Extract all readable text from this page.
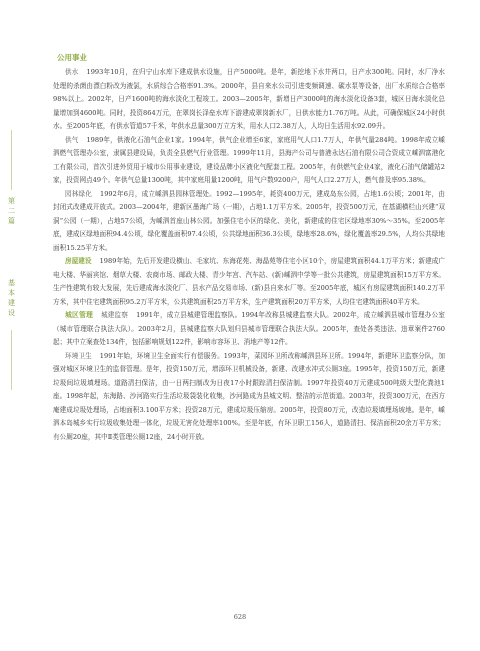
第
二
篇
基
本
建
设
公用事业

供水 1993年10月，在归宁山水库下建成供水设施，日产5000吨。是年，新挖地下水井两口，日产水300吨。同时，水厂净水处理的杀菌由漂白粉改为液氯，水质综合合格率91.3%。2000年，县自来水公司引进变频调速、碳水泵等设备，出厂水质综合合格率98%以上。2002年，日产1600吨的海水淡化工程竣工。2003—2005年，新增日产3000吨的海水淡化设备3套，城区日海水淡化总量增加到4600吨。同时，投资864万元，在翠岗长泽垒水库下游建成翠岗新水厂，日供水能力1.76万吨。从此，可确保城区24小时供水。至2005年底，有供水管道57千米，年供水总量300万立方米，用水人口2.38万人，人均日生活用水92.09升。

供气 1989年，供液化石油气企业1家。1994年，供气企业增至6家，家庭用气人口1.7万人，年供气量284吨。1998年成立嵊泗燃气管理办公室，隶属县建设局，负责全县燃气行业管理。1999年11月，县海产公司与普港永达石油有限公司合资成立嵊泗富港化工有限公司，首次引进外贸用于城市公用事业建设，建设品牌小区液化气配套工程。2005年，有供燃气企业4家，液化石油气储罐站2家，投资网点49个。年供气总量1300吨，其中家庭用量1200吨，用气户数9200户，用气人口2.27万人，燃气普及率95.38%。

园林绿化 1992年6月，成立嵊泗县园林管理处。1992—1995年，耗资400万元，建成岛东公园，占地1.6公顷；2001年，由封闭式改建成开放式。2003—2004年，建新区墨海广场（一期），占地1.1万平方米。2005年，投资500万元，在基湖横栏山兴建“双洞”公园（一期），占地57公顷，为嵊泗首座山林公园。加强住宅小区的绿化、美化，新建成的住宅区绿地率30%～35%。至2005年底，建成区绿地面积94.4公顷，绿化覆盖面积97.4公顷，公共绿地面积36.3公顷，绿地率28.6%，绿化覆盖率29.5%，人均公共绿地面积15.25平方米。

房屋建设 1989年始，先后开发建设横山、毛家坑、东海花苑、海晶苑等住宅小区10个，房屋建筑面积44.1万平方米；新建成广电大楼、华丽宾馆、烟草大楼、农商市场、邮政大楼、青少年宫、汽车站、(新)嵊泗中学等一批公共建筑，房屋建筑面积15万平方米。生产性建筑有较大发展，先后建成海水淡化厂、县水产品交易市场、(新)县自来水厂等。至2005年底，城区有房屋建筑面积140.2万平方米，其中住宅建筑面积95.2万平方米，公共建筑面积25万平方米，生产建筑面积20万平方米，人均住宅建筑面积40平方米。

城区管理 城建监察 1991年，成立县城建管理监察队。1994年改称县城建监察大队。2002年，成立嵊泗县城市管理办公室（城市管理联合执法大队）。2003年2月，县城建监察大队划归县城市管理联合执法大队。2005年，查处各类违法、违章案件2760起；其中立案查处134件，包括影响规划122件，影响市容环卫、消地产等12件。

环境卫生 1991年始，环境卫生全面实行有偿服务。1993年，菜园环卫所改称嵊泗县环卫所。1994年，新建环卫监察分队，加强对城区环境卫生的监督管理。是年，投资150万元，增添环卫机械设备，新建、改建水冲式公厕3座。1995年，投资150万元，新建垃圾间垃圾填埋场。道路清扫保洁，由一日两扫制改为日夜17小时跟踪清扫保洁制。1997年投资40万元建成500吨级大型化粪池1座。1998年起，东海路、沙河路实行生活垃圾袋装化收集，沙河路成为县城文明、整洁的示范街道。2003年，投资300万元，在西方庵建成垃圾处理场，占地面积3.100平方米；投资28万元，建成垃圾压缩房。2005年，投资80万元，改造垃圾填埋场坡地。是年，嵊泗本岛城乡实行垃圾收集处理一体化，垃圾无害化处理率100%。至是年底，有环卫职工156人，道路清扫、保洁面积20余万平方米；有公厕20座，其中Ⅱ类管理公厕12座，24小时开放。

628
